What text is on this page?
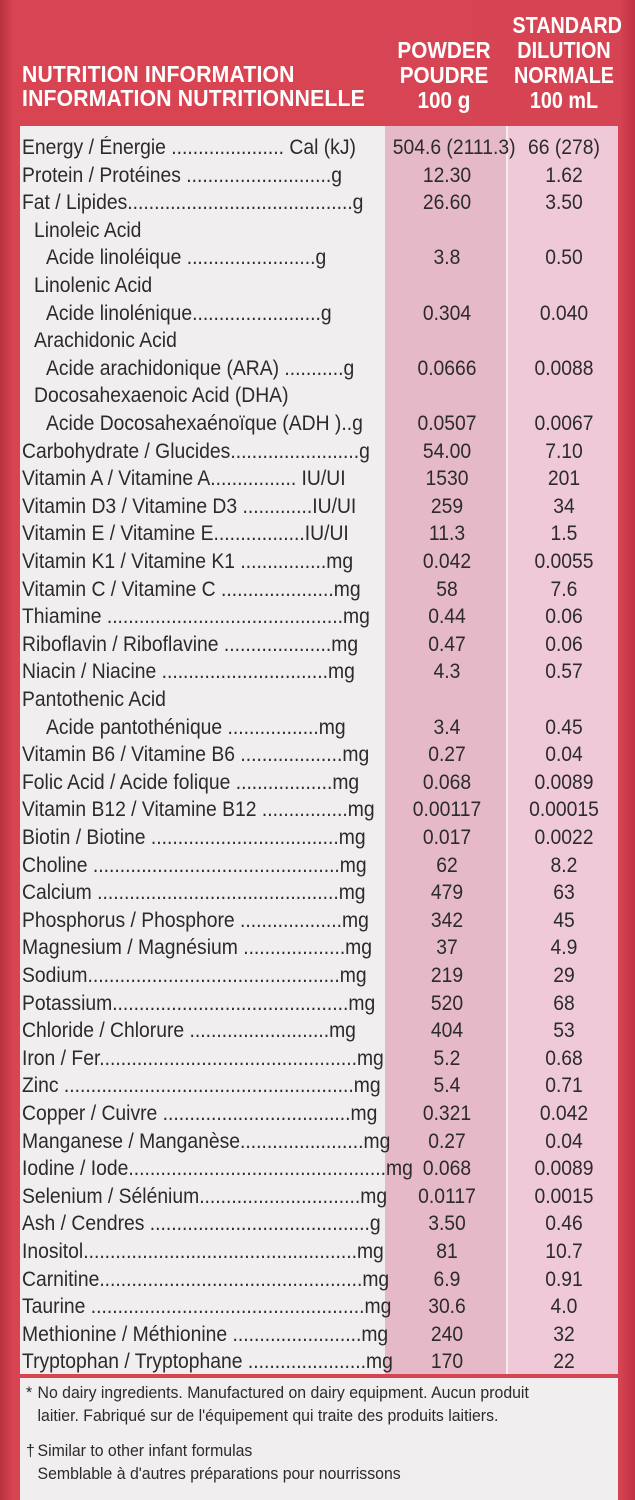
NUTRITION INFORMATION
INFORMATION NUTRITIONNELLE
POWDER
POUDRE
100 g
STANDARD
DILUTION
NORMALE
100 mL
Energy / Énergie ..................... Cal (kJ) 504.6 (2111.3) 66 (278)
Protein / Protéines ...........................g	12.30	1.62
Fat / Lipides..........................................g	26.60	3.50
Linoleic Acid
Acide linoléique ........................g	3.8	0.50
Linolenic Acid
Acide linolénique........................g	0.304	0.040
Arachidonic Acid
Acide arachidonique (ARA) ...........g	0.0666	0.0088
Docosahexaenoic Acid (DHA)
Acide Docosahexaénoïque (ADH )..g	0.0507	0.0067
Carbohydrate / Glucides........................g	54.00	7.10
Vitamin A / Vitamine A................ IU/UI	1530	201
Vitamin D3 / Vitamine D3 .............IU/UI	259	34
Vitamin E / Vitamine E.................IU/UI	11.3	1.5
Vitamin K1 / Vitamine K1 ................mg	0.042	0.0055
Vitamin C / Vitamine C .....................mg	58	7.6
Thiamine ............................................mg	0.44	0.06
Riboflavin / Riboflavine ....................mg	0.47	0.06
Niacin / Niacine ...............................mg	4.3	0.57
Pantothenic Acid
Acide pantothénique .................mg	3.4	0.45
Vitamin B6 / Vitamine B6 ...................mg	0.27	0.04
Folic Acid / Acide folique ..................mg	0.068	0.0089
Vitamin B12 / Vitamine B12 ................mg	0.00117	0.00015
Biotin / Biotine ...................................mg	0.017	0.0022
Choline ..............................................mg	62	8.2
Calcium .............................................mg	479	63
Phosphorus / Phosphore ...................mg	342	45
Magnesium / Magnésium ...................mg	37	4.9
Sodium...............................................mg	219	29
Potassium............................................mg	520	68
Chloride / Chlorure ..........................mg	404	53
Iron / Fer................................................mg	5.2	0.68
Zinc ......................................................mg	5.4	0.71
Copper / Cuivre ...................................mg	0.321	0.042
Manganese / Manganèse.......................mg	0.27	0.04
Iodine / Iode................................................mg 0.068	0.0089
Selenium / Sélénium..............................mg	0.0117	0.0015
Ash / Cendres .........................................g	3.50	0.46
Inositol...................................................mg	81	10.7
Carnitine.................................................mg	6.9	0.91
Taurine ...................................................mg	30.6	4.0
Methionine / Méthionine ........................mg	240	32
Tryptophan / Tryptophane ......................mg	170	22
* No dairy ingredients. Manufactured on dairy equipment. Aucun produit
laitier. Fabriqué sur de l'équipement qui traite des produits laitiers.
† Similar to other infant formulas
Semblable à d'autres préparations pour nourrissons
